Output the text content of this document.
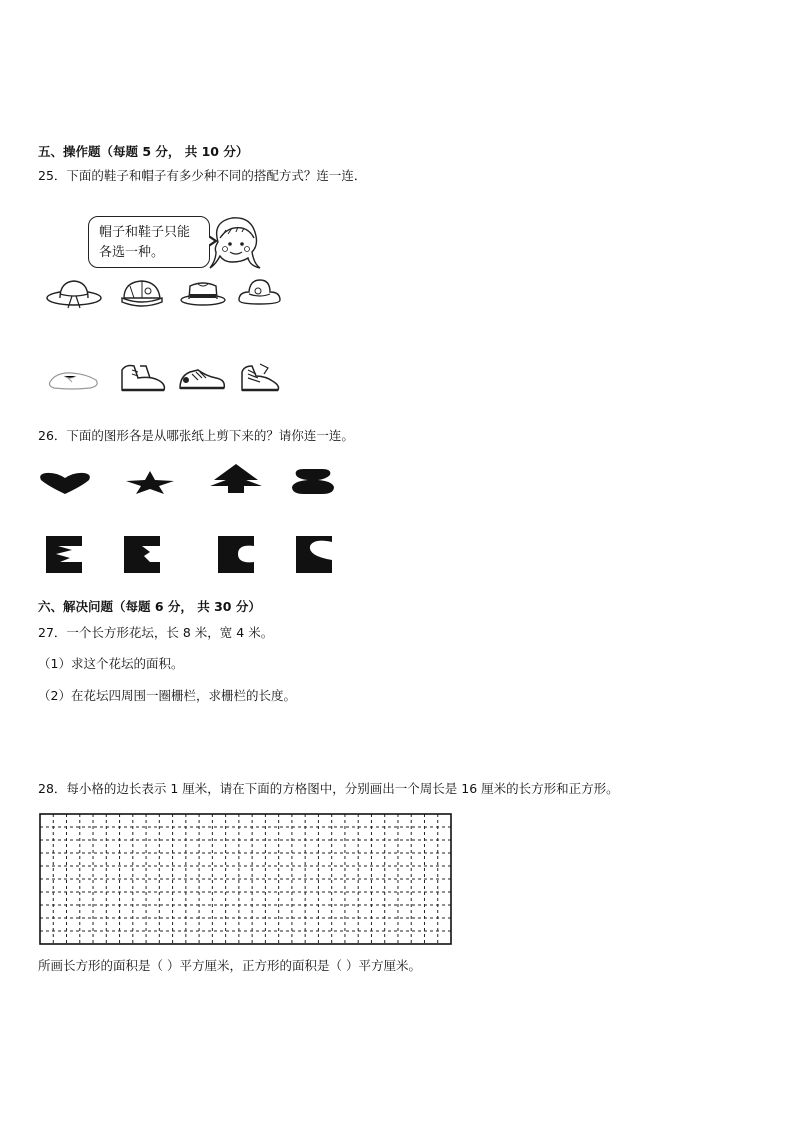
五、操作题（每题 5 分， 共 10 分）
25．下面的鞋子和帽子有多少种不同的搭配方式？连一连．
帽子和鞋子只能
各选一种。
26．下面的图形各是从哪张纸上剪下来的？请你连一连。
六、解决问题（每题 6 分， 共 30 分）
27．一个长方形花坛，长 8 米，宽 4 米。
（1）求这个花坛的面积。
（2）在花坛四周围一圈栅栏，求栅栏的长度。
28．每小格的边长表示 1 厘米，请在下面的方格图中，分别画出一个周长是 16 厘米的长方形和正方形。
所画长方形的面积是（ ）平方厘米，正方形的面积是（ ）平方厘米。
